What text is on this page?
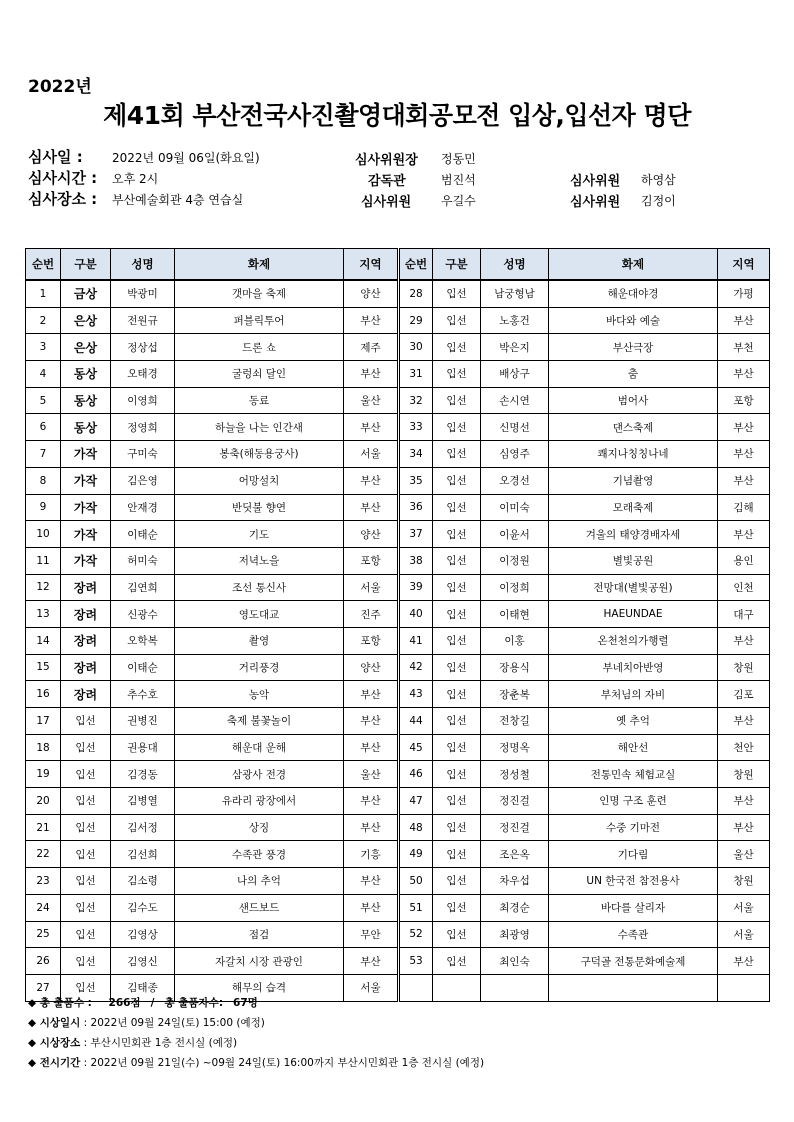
2022년
제41회 부산전국사진촬영대회공모전 입상,입선자 명단
심사일 : 2022년 09월 06일(화요일)
심사시간 : 오후 2시
심사장소 : 부산예술회관 4층 연습실
심사위원장 정동민
감독관	범진석
심사위원 우길수
심사위원 하영삼
심사위원 김정이
순번	구분	성명	화제	지역		순번	구분	성명	화제	지역
1	금상	박광미	갯마을 축제	양산		28	입선	남궁형남	해운대야경	가평
2	은상	전원규	퍼블릭투어	부산		29	입선	노홍건	바다와 예술	부산
3	은상	정상섭	드론 쇼	제주		30	입선	박은지	부산극장	부천
4	동상	오태경	굴렁쇠 달인	부산		31	입선	배상구	춤	부산
5	동상	이영희	동료	울산		32	입선	손시연	범어사	포항
6	동상	정영희	하늘을 나는 인간새	부산		33	입선	신명선	댄스축제	부산
7	가작	구미숙	봉축(해동용궁사)	서울		34	입선	심영주	쾌지나칭칭나네	부산
8	가작	김은영	어망설치	부산		35	입선	오경선	기념촬영	부산
9	가작	안재경	반딧불 향연	부산		36	입선	이미숙	모래축제	김해
10	가작	이태순	기도	양산		37	입선	이윤서	겨울의 태양경배자세	부산
11	가작	허미숙	저녁노을	포항		38	입선	이정원	별빛공원	용인
12	장려	김연희	조선 통신사	서울		39	입선	이정희	전망대(별빛공원)	인천
13	장려	신광수	영도대교	진주		40	입선	이태현	HAEUNDAE	대구
14	장려	오학복	촬영	포항		41	입선	이홍	온천천의가행렬	부산
15	장려	이태순	거리풍경	양산		42	입선	장용식	부네치아반영	창원
16	장려	추수호	농악	부산		43	입선	장춘복	부처님의 자비	김포
17	입선	권병진	축제 불꽃놀이	부산		44	입선	전창길	옛 추억	부산
18	입선	권용대	해운대 운해	부산		45	입선	정명옥	해안선	천안
19	입선	김경동	삼광사 전경	울산		46	입선	정성철	전통민속 체험교실	창원
20	입선	김병열	유라리 광장에서	부산		47	입선	정진걸	인명 구조 훈련	부산
21	입선	김서정	상징	부산		48	입선	정진걸	수중 기마전	부산
22	입선	김선희	수족관 풍경	기흥		49	입선	조은옥	기다림	울산
23	입선	김소령	나의 추억	부산		50	입선	차우섭	UN 한국전 참전용사	창원
24	입선	김수도	샌드보드	부산		51	입선	최경순	바다를 살리자	서울
25	입선	김영상	점검	무안		52	입선	최광영	수족관	서울
26	입선	김영신	자갈치 시장 관광인	부산		53	입선	최인숙	구덕골 전통문화예술제	부산
27	입선	김태종	해무의 습격	서울						
◆ 총 출품수 : 266점 / 총 출품자수: 67명
◆ 시상일시 : 2022년 09월 24일(토) 15:00 (예정)
◆ 시상장소 : 부산시민회관 1층 전시실 (예정)
◆ 전시기간 : 2022년 09월 21일(수) ~09월 24일(토) 16:00까지 부산시민회관 1층 전시실 (예정)
